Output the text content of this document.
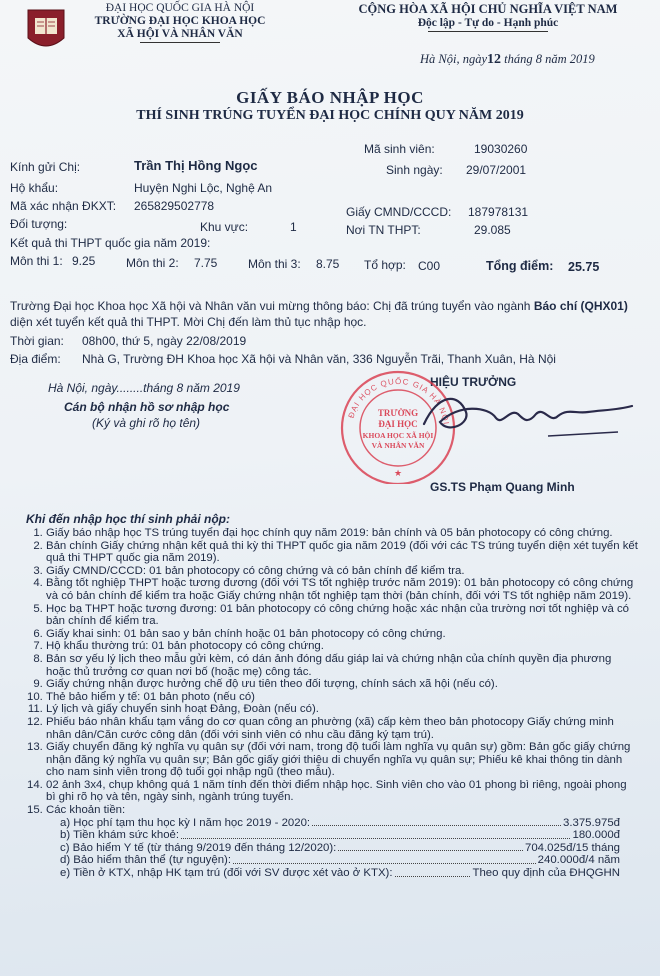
ĐẠI HỌC QUỐC GIA HÀ NỘI
TRƯỜNG ĐẠI HỌC KHOA HỌC
XÃ HỘI VÀ NHÂN VĂN
CỘNG HÒA XÃ HỘI CHỦ NGHĨA VIỆT NAM
Độc lập - Tự do - Hạnh phúc
Hà Nội, ngày12 tháng 8 năm 2019
GIẤY BÁO NHẬP HỌC
THÍ SINH TRÚNG TUYỂN ĐẠI HỌC CHÍNH QUY NĂM 2019
Mã sinh viên:	19030260
Kính gửi Chị:	Trần Thị Hồng Ngọc	Sinh ngày: 29/07/2001
Hộ khẩu:	Huyện Nghi Lộc, Nghệ An
Mã xác nhận ĐKXT: 265829502778	Giấy CMND/CCCD: 187978131
Đối tượng:	Khu vực:	1	Nơi TN THPT:	29.085
Kết quả thi THPT quốc gia năm 2019:
Môn thi 1: 9.25	Môn thi 2: 7.75	Môn thi 3: 8.75 Tổ hợp: C00	Tổng điểm: 25.75
Trường Đại học Khoa học Xã hội và Nhân văn vui mừng thông báo: Chị đã trúng tuyển vào ngành Báo chí (QHX01) diện xét tuyển kết quả thi THPT. Mời Chị đến làm thủ tục nhập học.
Thời gian: 08h00, thứ 5, ngày 22/08/2019
Địa điểm: Nhà G, Trường ĐH Khoa học Xã hội và Nhân văn, 336 Nguyễn Trãi, Thanh Xuân, Hà Nội
Hà Nội, ngày........tháng 8 năm 2019
Cán bộ nhận hồ sơ nhập học
(Ký và ghi rõ họ tên)
HIỆU TRƯỞNG
ĐẠI HỌC QUỐC GIA HÀ NỘI
TRƯỜNG
ĐẠI HỌC
KHOA HỌC XÃ HỘI
VÀ NHÂN VĂN
★
GS.TS Phạm Quang Minh
Khi đến nhập học thí sinh phải nộp:
1. Giấy báo nhập học TS trúng tuyển đại học chính quy năm 2019: bản chính và 05 bản photocopy có công chứng.
2. Bản chính Giấy chứng nhận kết quả thi kỳ thi THPT quốc gia năm 2019 (đối với các TS trúng tuyển diện xét tuyển kết quả thi THPT quốc gia năm 2019).
3. Giấy CMND/CCCD: 01 bản photocopy có công chứng và có bản chính để kiểm tra.
4. Bằng tốt nghiệp THPT hoặc tương đương (đối với TS tốt nghiệp trước năm 2019): 01 bản photocopy có công chứng và có bản chính để kiểm tra hoặc Giấy chứng nhận tốt nghiệp tạm thời (bản chính, đối với TS tốt nghiệp năm 2019).
5. Học bạ THPT hoặc tương đương: 01 bản photocopy có công chứng hoặc xác nhận của trường nơi tốt nghiệp và có bản chính để kiểm tra.
6. Giấy khai sinh: 01 bản sao y bản chính hoặc 01 bản photocopy có công chứng.
7. Hộ khẩu thường trú: 01 bản photocopy có công chứng.
8. Bản sơ yếu lý lịch theo mẫu gửi kèm, có dán ảnh đóng dấu giáp lai và chứng nhận của chính quyền địa phương hoặc thủ trưởng cơ quan nơi bố (hoặc mẹ) công tác.
9. Giấy chứng nhận được hưởng chế độ ưu tiên theo đối tượng, chính sách xã hội (nếu có).
10. Thẻ bảo hiểm y tế: 01 bản photo (nếu có)
11. Lý lịch và giấy chuyển sinh hoạt Đảng, Đoàn (nếu có).
12. Phiếu báo nhân khẩu tạm vắng do cơ quan công an phường (xã) cấp kèm theo bản photocopy Giấy chứng minh nhân dân/Căn cước công dân (đối với sinh viên có nhu cầu đăng ký tạm trú).
13. Giấy chuyển đăng ký nghĩa vụ quân sự (đối với nam, trong độ tuổi làm nghĩa vụ quân sự) gồm: Bản gốc giấy chứng nhận đăng ký nghĩa vụ quân sự; Bản gốc giấy giới thiệu di chuyển nghĩa vụ quân sự; Phiếu kê khai thông tin dành cho nam sinh viên trong độ tuổi gọi nhập ngũ (theo mẫu).
14. 02 ảnh 3x4, chụp không quá 1 năm tính đến thời điểm nhập học. Sinh viên cho vào 01 phong bì riêng, ngoài phong bì ghi rõ họ và tên, ngày sinh, ngành trúng tuyển.
15. Các khoản tiền:
a) Học phí tạm thu học kỳ I năm học 2019 - 2020:	3.375.975đ
b) Tiền khám sức khoẻ:	180.000đ
c) Bảo hiểm Y tế (từ tháng 9/2019 đến tháng 12/2020):	704.025đ/15 tháng
d) Bảo hiểm thân thể (tự nguyện):	240.000đ/4 năm
e) Tiền ở KTX, nhập HK tạm trú (đối với SV được xét vào ở KTX):	Theo quy định của ĐHQGHN
